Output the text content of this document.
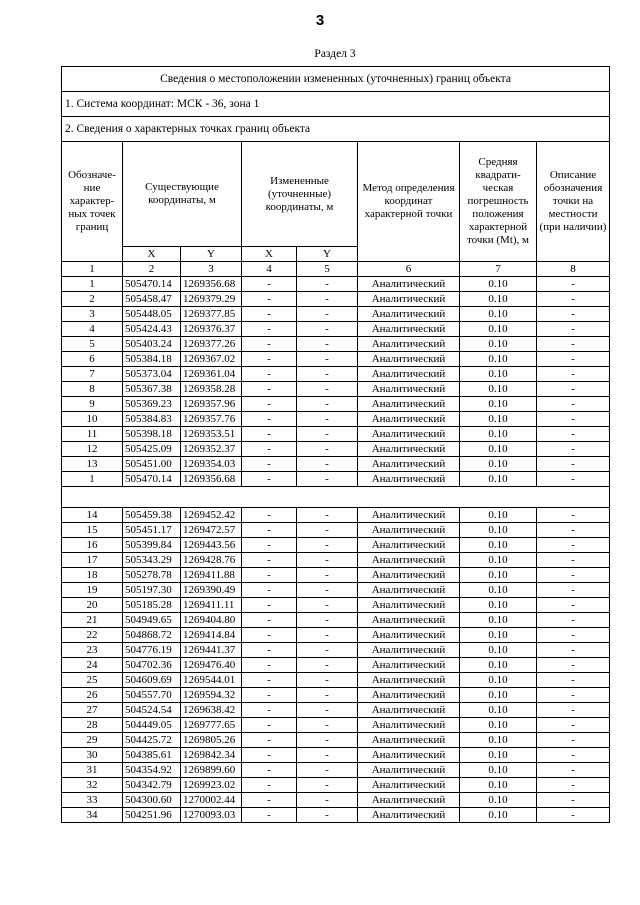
3
Раздел 3
Сведения о местоположении измененных (уточненных) границ объекта							
1. Система координат: МСК - 36, зона 1							
2. Сведения о характерных точках границ объекта							
Обозначе-ние характер-ных точек границ	Существующие координаты, м		Измененные (уточненные) координаты, м		Метод определения координат характерной точки	Средняя квадрати-ческая погрешность положения характерной точки (Mt), м	Описание обозначения точки на местности (при наличии)
	X	Y	X	Y			
1	2	3	4	5	6	7	8
1	505470.14	1269356.68	-	-	Аналитический	0.10	-
2	505458.47	1269379.29	-	-	Аналитический	0.10	-
3	505448.05	1269377.85	-	-	Аналитический	0.10	-
4	505424.43	1269376.37	-	-	Аналитический	0.10	-
5	505403.24	1269377.26	-	-	Аналитический	0.10	-
6	505384.18	1269367.02	-	-	Аналитический	0.10	-
7	505373.04	1269361.04	-	-	Аналитический	0.10	-
8	505367.38	1269358.28	-	-	Аналитический	0.10	-
9	505369.23	1269357.96	-	-	Аналитический	0.10	-
10	505384.83	1269357.76	-	-	Аналитический	0.10	-
11	505398.18	1269353.51	-	-	Аналитический	0.10	-
12	505425.09	1269352.37	-	-	Аналитический	0.10	-
13	505451.00	1269354.03	-	-	Аналитический	0.10	-
1	505470.14	1269356.68	-	-	Аналитический	0.10	-

14	505459.38	1269452.42	-	-	Аналитический	0.10	-
15	505451.17	1269472.57	-	-	Аналитический	0.10	-
16	505399.84	1269443.56	-	-	Аналитический	0.10	-
17	505343.29	1269428.76	-	-	Аналитический	0.10	-
18	505278.78	1269411.88	-	-	Аналитический	0.10	-
19	505197.30	1269390.49	-	-	Аналитический	0.10	-
20	505185.28	1269411.11	-	-	Аналитический	0.10	-
21	504949.65	1269404.80	-	-	Аналитический	0.10	-
22	504868.72	1269414.84	-	-	Аналитический	0.10	-
23	504776.19	1269441.37	-	-	Аналитический	0.10	-
24	504702.36	1269476.40	-	-	Аналитический	0.10	-
25	504609.69	1269544.01	-	-	Аналитический	0.10	-
26	504557.70	1269594.32	-	-	Аналитический	0.10	-
27	504524.54	1269638.42	-	-	Аналитический	0.10	-
28	504449.05	1269777.65	-	-	Аналитический	0.10	-
29	504425.72	1269805.26	-	-	Аналитический	0.10	-
30	504385.61	1269842.34	-	-	Аналитический	0.10	-
31	504354.92	1269899.60	-	-	Аналитический	0.10	-
32	504342.79	1269923.02	-	-	Аналитический	0.10	-
33	504300.60	1270002.44	-	-	Аналитический	0.10	-
34	504251.96	1270093.03	-	-	Аналитический	0.10	-
